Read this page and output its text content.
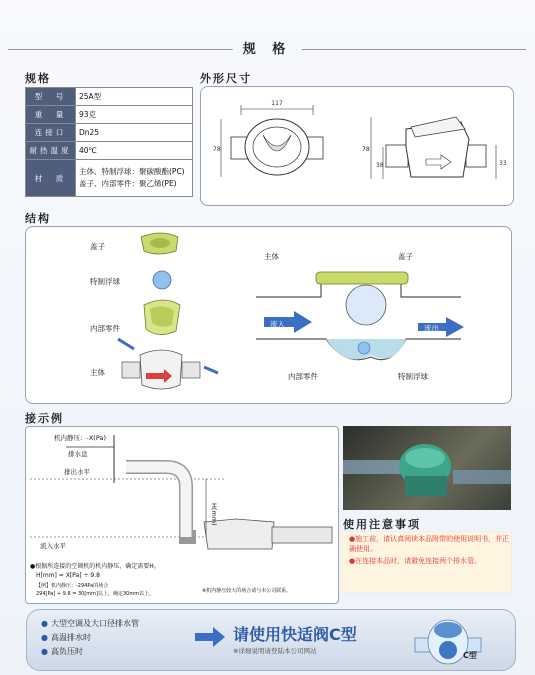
规 格
规格
型　号	25A型
重　量	93克
连接口	Dn25
耐热温度	40℃
材　质	主体、特制浮球：聚碳酸酯(PC)
盖子、内部零件：聚乙烯(PE)
外形尺寸
117
78	78
38	33
结构
盖子
特制浮球
内部零件
主体
主体	盖子
流入	流出
内部零件	特制浮球
接示例
机内静压：-X(Pa)
排水盘
排出水平
H(mm)
流入水平
●根据所连接的空调机的机内静压，确定需要H。
H[mm] = X[Pa] ÷ 9.8
【例】机内静压：-294Pa的场合
294[Pa] ÷ 9.8 = 30[mm]以上，确定30mm以上。	※机内静压较大的场合请与本公司联系。
使用注意事项

●施工前，请认真阅读本品附带的使用说明书，并正确使用。

●在连接本品时，请避免连接两个排水管。

● 大型空调及大口径排水管
● 高温排水时
● 高负压时
请使用快适阀C型
※详细说明请登陆本公司网站	C型
